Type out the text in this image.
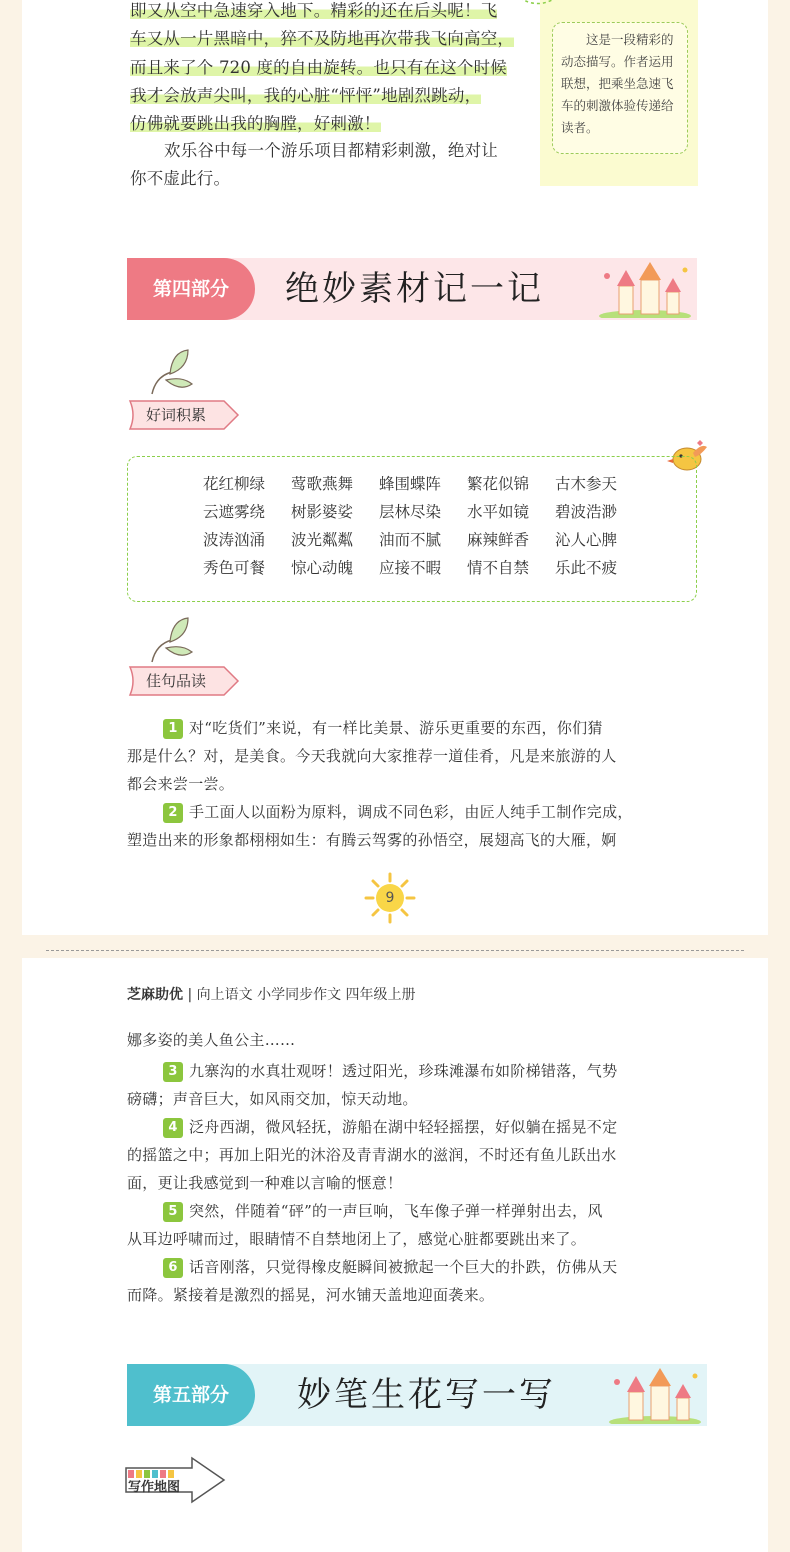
即又从空中急速穿入地下。精彩的还在后头呢！飞
车又从一片黑暗中，猝不及防地再次带我飞向高空，
而且来了个 720 度的自由旋转。也只有在这个时候
我才会放声尖叫，我的心脏“怦怦”地剧烈跳动，
仿佛就要跳出我的胸膛，好刺激！
欢乐谷中每一个游乐项目都精彩刺激，绝对让
你不虚此行。
这是一段精彩的动态描写。作者运用联想，把乘坐急速飞车的刺激体验传递给读者。
第四部分	绝妙素材记一记
好词积累
花红柳绿	莺歌燕舞	蜂围蝶阵	繁花似锦	古木参天
云遮雾绕	树影婆娑	层林尽染	水平如镜	碧波浩渺
波涛汹涌	波光粼粼	油而不腻	麻辣鲜香	沁人心脾
秀色可餐	惊心动魄	应接不暇	情不自禁	乐此不疲
佳句品读
1 对“吃货们”来说，有一样比美景、游乐更重要的东西，你们猜
那是什么？对，是美食。今天我就向大家推荐一道佳肴，凡是来旅游的人
都会来尝一尝。
2 手工面人以面粉为原料，调成不同色彩，由匠人纯手工制作完成，
塑造出来的形象都栩栩如生：有腾云驾雾的孙悟空，展翅高飞的大雁，婀
9
芝麻助优 | 向上语文 小学同步作文 四年级上册
娜多姿的美人鱼公主……
3 九寨沟的水真壮观呀！透过阳光，珍珠滩瀑布如阶梯错落，气势
磅礴；声音巨大，如风雨交加，惊天动地。
4 泛舟西湖，微风轻抚，游船在湖中轻轻摇摆，好似躺在摇晃不定
的摇篮之中；再加上阳光的沐浴及青青湖水的滋润，不时还有鱼儿跃出水
面，更让我感觉到一种难以言喻的惬意！
5 突然，伴随着“砰”的一声巨响，飞车像子弹一样弹射出去，风
从耳边呼啸而过，眼睛情不自禁地闭上了，感觉心脏都要跳出来了。
6 话音刚落，只觉得橡皮艇瞬间被掀起一个巨大的扑跌，仿佛从天
而降。紧接着是激烈的摇晃，河水铺天盖地迎面袭来。
第五部分	妙笔生花写一写
写作地图
